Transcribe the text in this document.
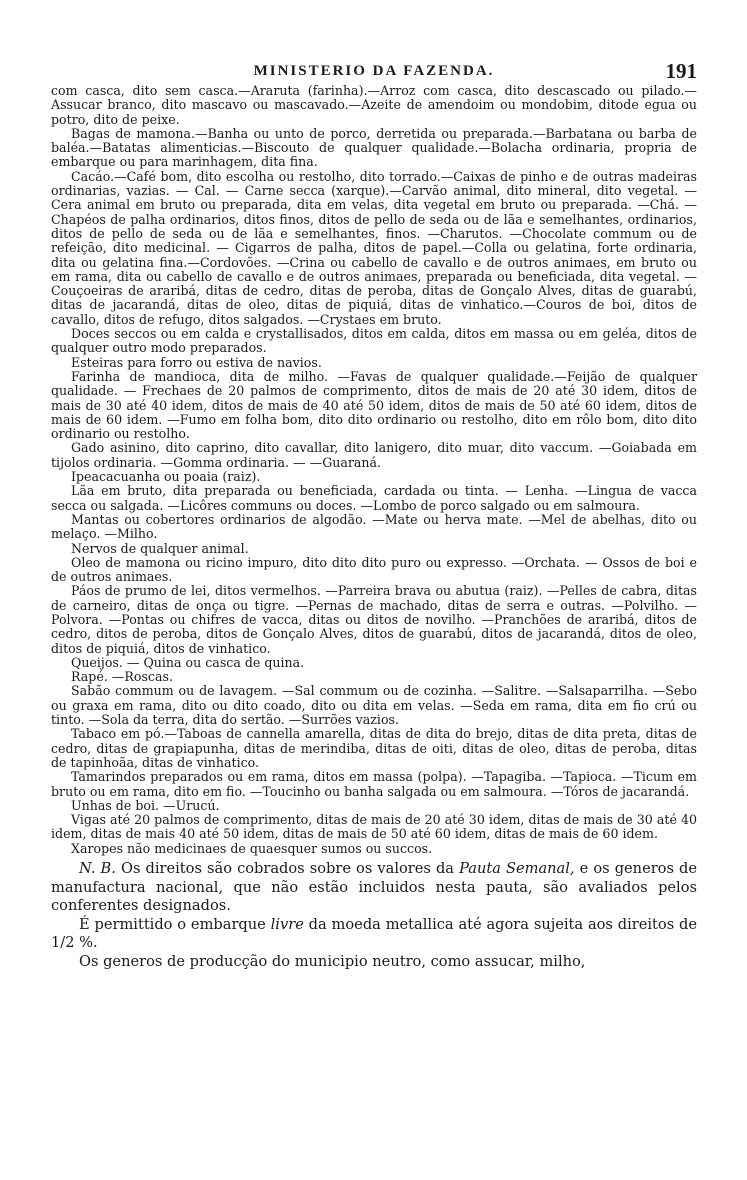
MINISTERIO DA FAZENDA.	191

com casca, dito sem casca.—Araruta (farinha).—Arroz com casca, dito descascado ou pilado.—Assucar branco, dito mascavo ou mascavado.—Azeite de amendoim ou mondobim, ditode egua ou potro, dito de peixe.

Bagas de mamona.—Banha ou unto de porco, derretida ou preparada.—Barbatana ou barba de baléa.—Batatas alimenticias.—Biscouto de qualquer qualidade.—Bolacha ordinaria, propria de embarque ou para marinhagem, dita fina.

Cacáo.—Café bom, dito escolha ou restolho, dito torrado.—Caixas de pinho e de outras madeiras ordinarias, vazias. — Cal. — Carne secca (xarque).—Carvão animal, dito mineral, dito vegetal. —Cera animal em bruto ou preparada, dita em velas, dita vegetal em bruto ou preparada. —Chá. —Chapéos de palha ordinarios, ditos finos, ditos de pello de seda ou de lãa e semelhantes, ordinarios, ditos de pello de seda ou de lãa e semelhantes, finos. —Charutos. —Chocolate commum ou de refeição, dito medicinal. — Cigarros de palha, ditos de papel.—Colla ou gelatina, forte ordinaria, dita ou gelatina fina.—Cordovões. —Crina ou cabello de cavallo e de outros animaes, em bruto ou em rama, dita ou cabello de cavallo e de outros animaes, preparada ou beneficiada, dita vegetal. —Couçoeiras de araribá, ditas de cedro, ditas de peroba, ditas de Gonçalo Alves, ditas de guarabú, ditas de jacarandá, ditas de oleo, ditas de piquiá, ditas de vinhatico.—Couros de boi, ditos de cavallo, ditos de refugo, ditos salgados. —Crystaes em bruto.

Doces seccos ou em calda e crystallisados, ditos em calda, ditos em massa ou em geléa, ditos de qualquer outro modo preparados.

Esteiras para forro ou estiva de navios.

Farinha de mandioca, dita de milho. —Favas de qualquer qualidade.—Feijão de qualquer qualidade. — Frechaes de 20 palmos de comprimento, ditos de mais de 20 até 30 idem, ditos de mais de 30 até 40 idem, ditos de mais de 40 até 50 idem, ditos de mais de 50 até 60 idem, ditos de mais de 60 idem. —Fumo em folha bom, dito dito ordinario ou restolho, dito em rôlo bom, dito dito ordinario ou restolho.

Gado asinino, dito caprino, dito cavallar, dito lanigero, dito muar, dito vaccum. —Goiabada em tijolos ordinaria. —Gomma ordinaria. — —Guaraná.

Ipeacacuanha ou poaia (raiz).

Lãa em bruto, dita preparada ou beneficiada, cardada ou tinta. — Lenha. —Lingua de vacca secca ou salgada. —Licôres communs ou doces. —Lombo de porco salgado ou em salmoura.

Mantas ou cobertores ordinarios de algodão. —Mate ou herva mate. —Mel de abelhas, dito ou melaço. —Milho.

Nervos de qualquer animal.

Oleo de mamona ou ricino impuro, dito dito dito puro ou expresso. —Orchata. — Ossos de boi e de outros animaes.

Páos de prumo de lei, ditos vermelhos. —Parreira brava ou abutua (raiz). —Pelles de cabra, ditas de carneiro, ditas de onça ou tigre. —Pernas de machado, ditas de serra e outras. —Polvilho. —Polvora. —Pontas ou chifres de vacca, ditas ou ditos de novilho. —Pranchões de araribá, ditos de cedro, ditos de peroba, ditos de Gonçalo Alves, ditos de guarabú, ditos de jacarandá, ditos de oleo, ditos de piquiá, ditos de vinhatico.

Queijos. — Quina ou casca de quina.

Rapé. —Roscas.

Sabão commum ou de lavagem. —Sal commum ou de cozinha. —Salitre. —Salsaparrilha. —Sebo ou graxa em rama, dito ou dito coado, dito ou dita em velas. —Seda em rama, dita em fio crú ou tinto. —Sola da terra, dita do sertão. —Surrões vazios.

Tabaco em pó.—Taboas de cannella amarella, ditas de dita do brejo, ditas de dita preta, ditas de cedro, ditas de grapiapunha, ditas de merindiba, ditas de oiti, ditas de oleo, ditas de peroba, ditas de tapinhoãa, ditas de vinhatico.

Tamarindos preparados ou em rama, ditos em massa (polpa). —Tapagiba. —Tapioca. —Ticum em bruto ou em rama, dito em fio. —Toucinho ou banha salgada ou em salmoura. —Tóros de jacarandá.

Unhas de boi. —Urucú.

Vigas até 20 palmos de comprimento, ditas de mais de 20 até 30 idem, ditas de mais de 30 até 40 idem, ditas de mais 40 até 50 idem, ditas de mais de 50 até 60 idem, ditas de mais de 60 idem.

Xaropes não medicinaes de quaesquer sumos ou succos.

N. B. Os direitos são cobrados sobre os valores da Pauta Semanal, e os generos de manufactura nacional, que não estão incluidos nesta pauta, são avaliados pelos conferentes designados.

É permittido o embarque livre da moeda metallica até agora sujeita aos direitos de 1/2 %.

Os generos de producção do municipio neutro, como assucar, milho,
